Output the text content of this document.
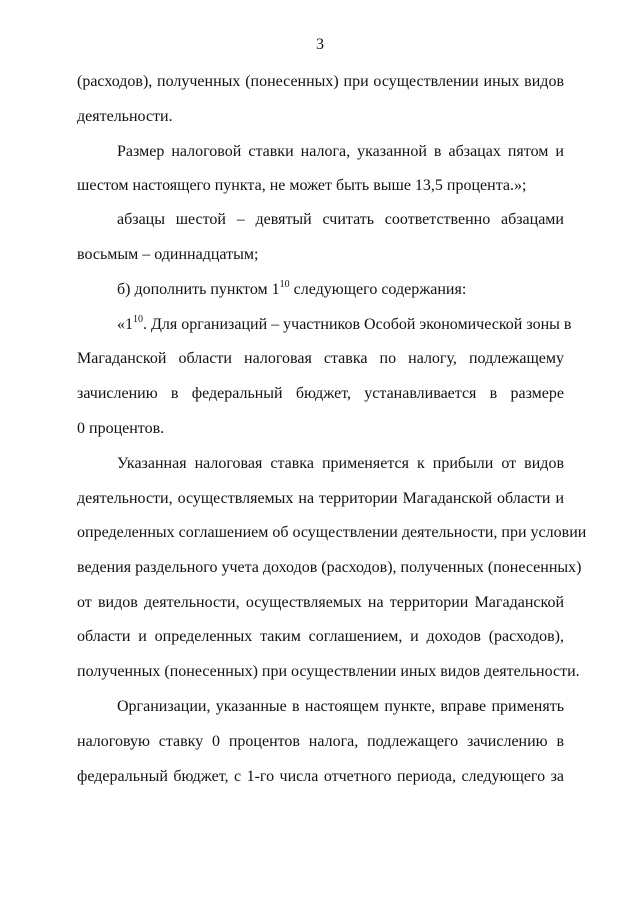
3
(расходов), полученных (понесенных) при осуществлении иных видов
деятельности.
Размер налоговой ставки налога, указанной в абзацах пятом и
шестом настоящего пункта, не может быть выше 13,5 процента.»;
абзацы шестой – девятый считать соответственно абзацами
восьмым – одиннадцатым;
б) дополнить пунктом $1^{10}$ следующего содержания:
«$1^{10}$. Для организаций – участников Особой экономической зоны в
Магаданской области налоговая ставка по налогу, подлежащему
зачислению в федеральный бюджет, устанавливается в размере
0 процентов.
Указанная налоговая ставка применяется к прибыли от видов
деятельности, осуществляемых на территории Магаданской области и
определенных соглашением об осуществлении деятельности, при условии
ведения раздельного учета доходов (расходов), полученных (понесенных)
от видов деятельности, осуществляемых на территории Магаданской
области и определенных таким соглашением, и доходов (расходов),
полученных (понесенных) при осуществлении иных видов деятельности.
Организации, указанные в настоящем пункте, вправе применять
налоговую ставку 0 процентов налога, подлежащего зачислению в
федеральный бюджет, с 1-го числа отчетного периода, следующего за
